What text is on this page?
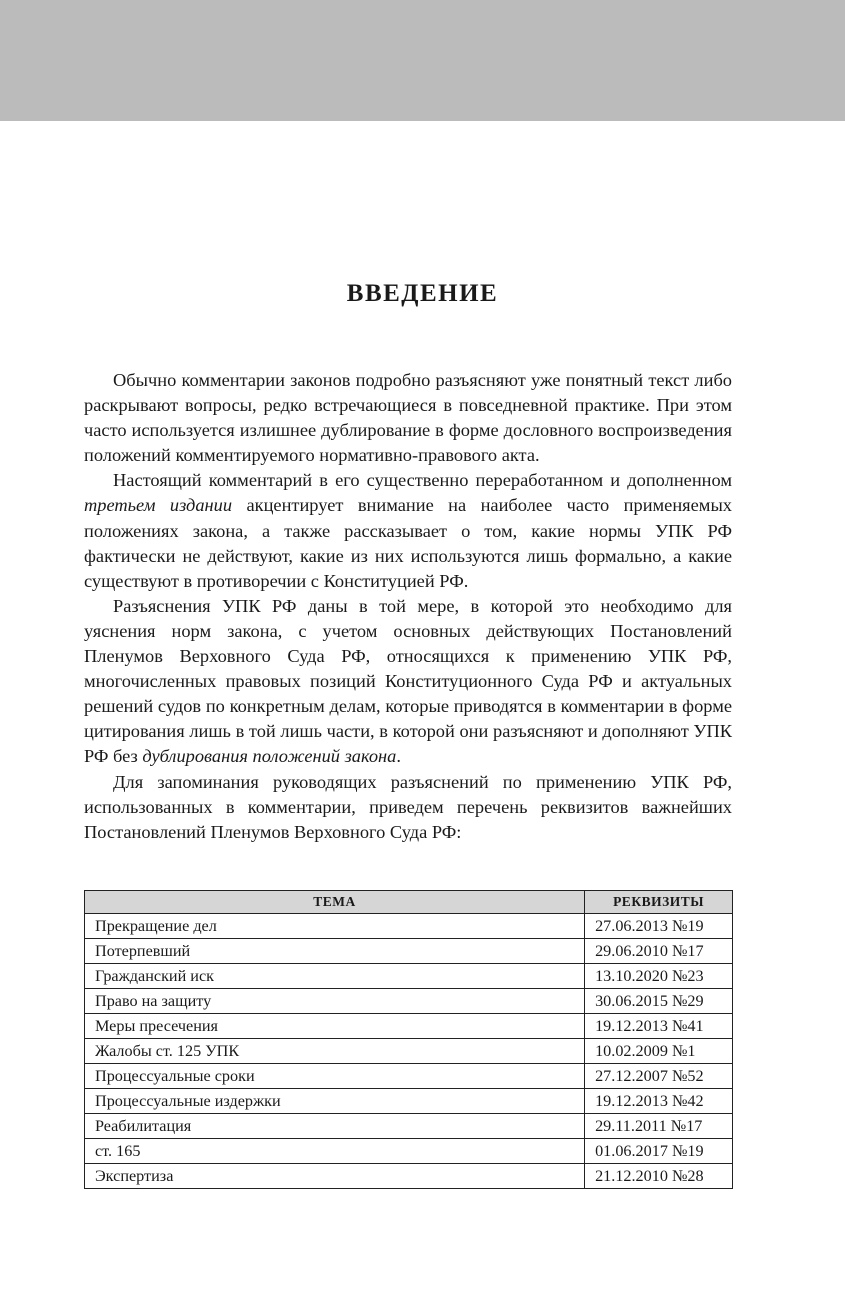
ВВЕДЕНИЕ

Обычно комментарии законов подробно разъясняют уже понятный текст либо раскрывают вопросы, редко встречающиеся в повседневной практике. При этом часто используется излишнее дублирование в форме дословного воспроизведения положений комментируемого нормативно-правового акта.

Настоящий комментарий в его существенно переработанном и дополненном третьем издании акцентирует внимание на наиболее часто применяемых положениях закона, а также рассказывает о том, какие нормы УПК РФ фактически не действуют, какие из них используются лишь формально, а какие существуют в противоречии с Конституцией РФ.

Разъяснения УПК РФ даны в той мере, в которой это необходимо для уяснения норм закона, с учетом основных действующих Постановлений Пленумов Верховного Суда РФ, относящихся к применению УПК РФ, многочисленных правовых позиций Конституционного Суда РФ и актуальных решений судов по конкретным делам, которые приводятся в комментарии в форме цитирования лишь в той лишь части, в которой они разъясняют и дополняют УПК РФ без дублирования положений закона.

Для запоминания руководящих разъяснений по применению УПК РФ, использованных в комментарии, приведем перечень реквизитов важнейших Постановлений Пленумов Верховного Суда РФ:

ТЕМА	РЕКВИЗИТЫ
Прекращение дел	27.06.2013 №19
Потерпевший	29.06.2010 №17
Гражданский иск	13.10.2020 №23
Право на защиту	30.06.2015 №29
Меры пресечения	19.12.2013 №41
Жалобы ст. 125 УПК	10.02.2009 №1
Процессуальные сроки	27.12.2007 №52
Процессуальные издержки	19.12.2013 №42
Реабилитация	29.11.2011 №17
ст. 165	01.06.2017 №19
Экспертиза	21.12.2010 №28
